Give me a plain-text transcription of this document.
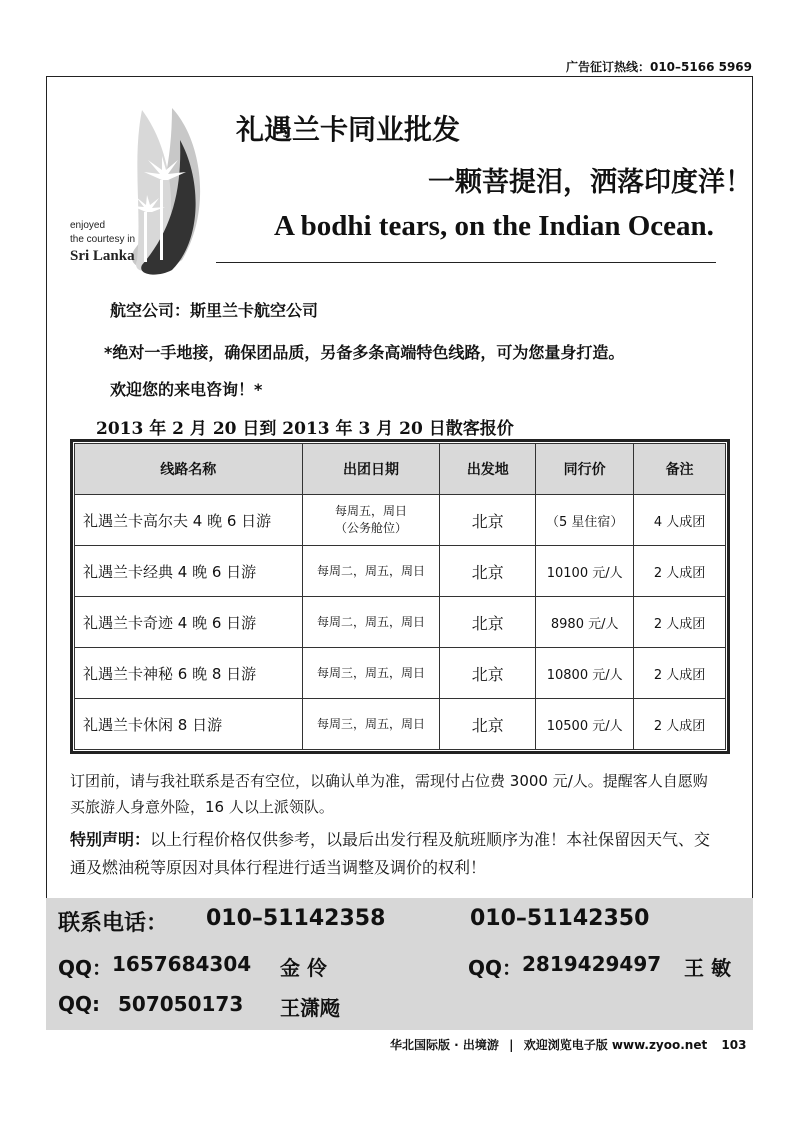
广告征订热线：010–5166 5969
enjoyed
the courtesy in
Sri Lanka
礼遇兰卡同业批发
一颗菩提泪，洒落印度洋！
A bodhi tears, on the Indian Ocean.
航空公司：斯里兰卡航空公司
*绝对一手地接，确保团品质，另备多条高端特色线路，可为您量身打造。
欢迎您的来电咨询！*
2013 年 2 月 20 日到 2013 年 3 月 20 日散客报价
线路名称	出团日期	出发地	同行价	备注
礼遇兰卡高尔夫 4 晚 6 日游	每周五，周日
（公务舱位）	北京	（5 星住宿）	4 人成团
礼遇兰卡经典 4 晚 6 日游	每周二，周五，周日	北京	10100 元/人	2 人成团
礼遇兰卡奇迹 4 晚 6 日游	每周二，周五，周日	北京	8980 元/人	2 人成团
礼遇兰卡神秘 6 晚 8 日游	每周三，周五，周日	北京	10800 元/人	2 人成团
礼遇兰卡休闲 8 日游	每周三，周五，周日	北京	10500 元/人	2 人成团
订团前，请与我社联系是否有空位，以确认单为准，需现付占位费 3000 元/人。提醒客人自愿购买旅游人身意外险，16 人以上派领队。
特别声明：以上行程价格仅供参考，以最后出发行程及航班顺序为准！本社保留因天气、交通及燃油税等原因对具体行程进行适当调整及调价的权利！
联系电话： 010–51142358	010–51142350
QQ： 1657684304 金 伶	QQ： 2819429497 王 敏
QQ: 507050173 王潇飏
华北国际版 · 出境游 | 欢迎浏览电子版 www.zyoo.net 103
